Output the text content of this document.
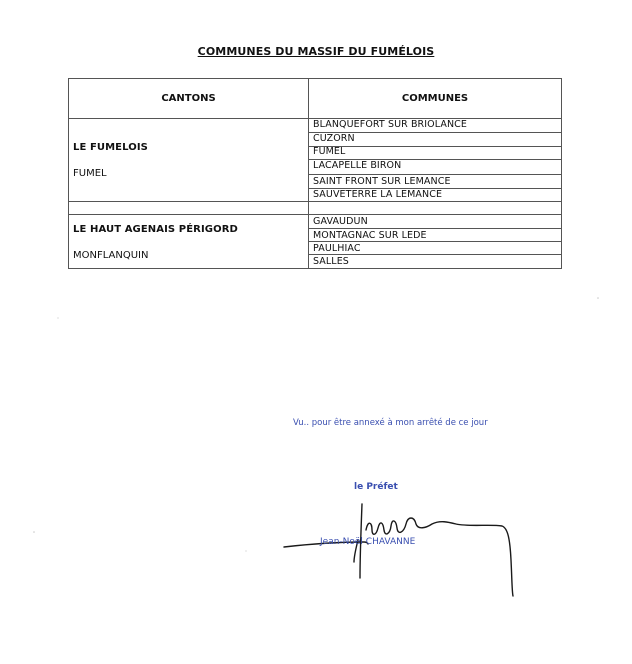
COMMUNES DU MASSIF DU FUMÉLOIS
CANTONS	COMMUNES
LE FUMELOIS
FUMEL
BLANQUEFORT SUR BRIOLANCE
CUZORN
FUMEL
LACAPELLE BIRON
SAINT FRONT SUR LEMANCE
SAUVETERRE LA LEMANCE
LE HAUT AGENAIS PÉRIGORD
MONFLANQUIN
GAVAUDUN
MONTAGNAC SUR LEDE
PAULHIAC
SALLES
Vu.. pour être annexé à mon arrêté de ce jour
le Préfet
Jean-Noël CHAVANNE
